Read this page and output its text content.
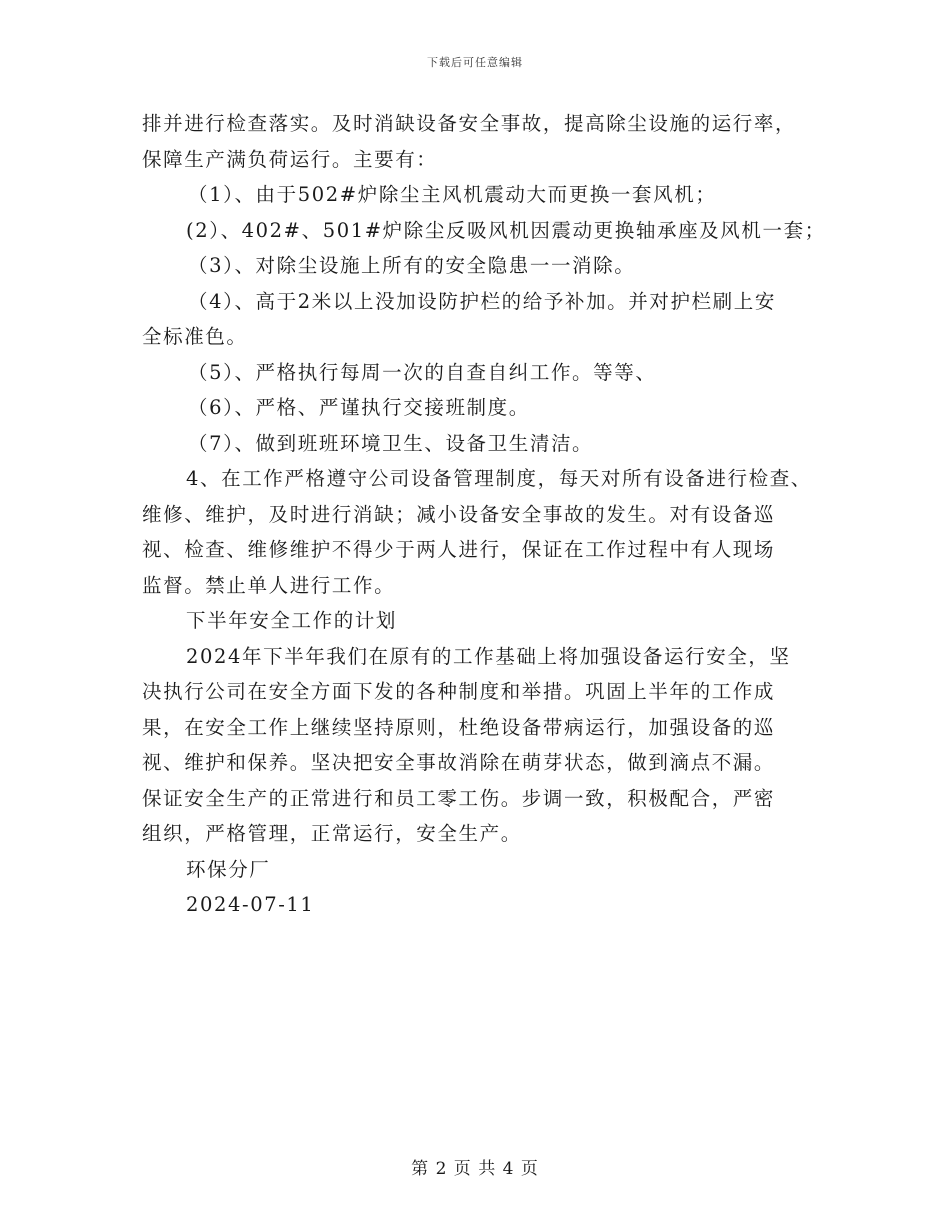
下载后可任意编辑
排并进行检查落实。及时消缺设备安全事故，提高除尘设施的运行率，
保障生产满负荷运行。主要有：
（1）、由于502#炉除尘主风机震动大而更换一套风机；
(2）、402#、501#炉除尘反吸风机因震动更换轴承座及风机一套；
（3）、对除尘设施上所有的安全隐患一一消除。
（4）、高于2米以上没加设防护栏的给予补加。并对护栏刷上安
全标准色。
（5）、严格执行每周一次的自查自纠工作。等等、
（6）、严格、严谨执行交接班制度。
（7）、做到班班环境卫生、设备卫生清洁。
4、在工作严格遵守公司设备管理制度，每天对所有设备进行检查、
维修、维护，及时进行消缺；减小设备安全事故的发生。对有设备巡
视、检查、维修维护不得少于两人进行，保证在工作过程中有人现场
监督。禁止单人进行工作。
下半年安全工作的计划
2024年下半年我们在原有的工作基础上将加强设备运行安全，坚
决执行公司在安全方面下发的各种制度和举措。巩固上半年的工作成
果，在安全工作上继续坚持原则，杜绝设备带病运行，加强设备的巡
视、维护和保养。坚决把安全事故消除在萌芽状态，做到滴点不漏。
保证安全生产的正常进行和员工零工伤。步调一致，积极配合，严密
组织，严格管理，正常运行，安全生产。
环保分厂
2024-07-11
第 2 页 共 4 页
